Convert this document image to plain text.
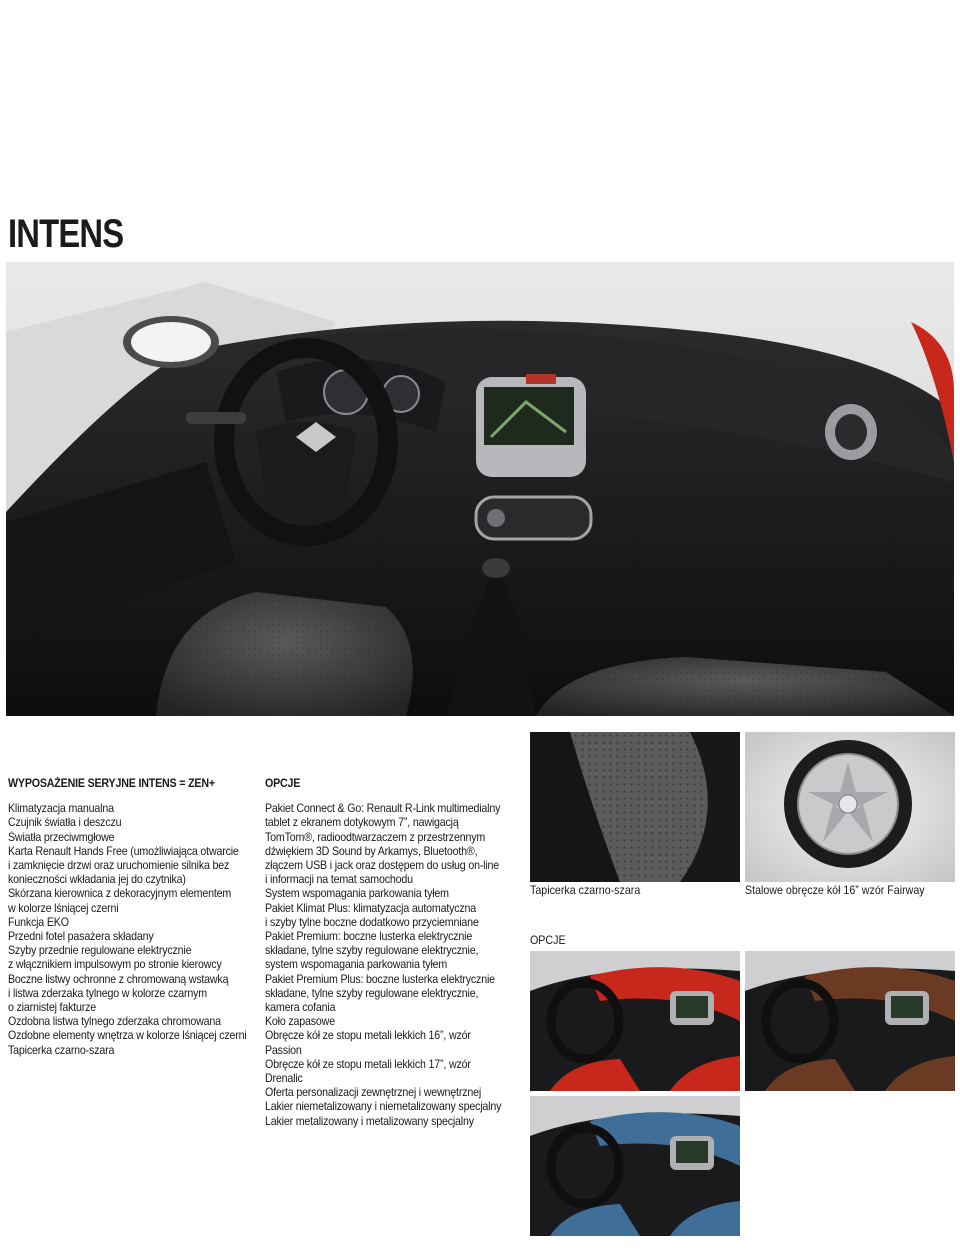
INTENS
WYPOSAŻENIE SERYJNE INTENS = ZEN+
Klimatyzacja manualna
Czujnik światła i deszczu
Światła przeciwmgłowe
Karta Renault Hands Free (umożliwiająca otwarcie
i zamknięcie drzwi oraz uruchomienie silnika bez
konieczności wkładania jej do czytnika)
Skórzana kierownica z dekoracyjnym elementem
w kolorze lśniącej czerni
Funkcja EKO
Przedni fotel pasażera składany
Szyby przednie regulowane elektrycznie
z włącznikiem impulsowym po stronie kierowcy
Boczne listwy ochronne z chromowaną wstawką
i listwa zderzaka tylnego w kolorze czarnym
o ziarnistej fakturze
Ozdobna listwa tylnego zderzaka chromowana
Ozdobne elementy wnętrza w kolorze lśniącej czerni
Tapicerka czarno-szara
OPCJE
Pakiet Connect & Go: Renault R-Link multimedialny
tablet z ekranem dotykowym 7”, nawigacją
TomTom®, radioodtwarzaczem z przestrzennym
dźwiękiem 3D Sound by Arkamys, Bluetooth®,
złączem USB i jack oraz dostępem do usług on-line
i informacji na temat samochodu
System wspomagania parkowania tyłem
Pakiet Klimat Plus: klimatyzacja automatyczna
i szyby tylne boczne dodatkowo przyciemniane
Pakiet Premium: boczne lusterka elektrycznie
składane, tylne szyby regulowane elektrycznie,
system wspomagania parkowania tyłem
Pakiet Premium Plus: boczne lusterka elektrycznie
składane, tylne szyby regulowane elektrycznie,
kamera cofania
Koło zapasowe
Obręcze kół ze stopu metali lekkich 16”, wzór
Passion
Obręcze kół ze stopu metali lekkich 17”, wzór
Drenalic
Oferta personalizacji zewnętrznej i wewnętrznej
Lakier niemetalizowany i niemetalizowany specjalny
Lakier metalizowany i metalizowany specjalny
Tapicerka czarno-szara	Stalowe obręcze kół 16” wzór Fairway
OPCJE
